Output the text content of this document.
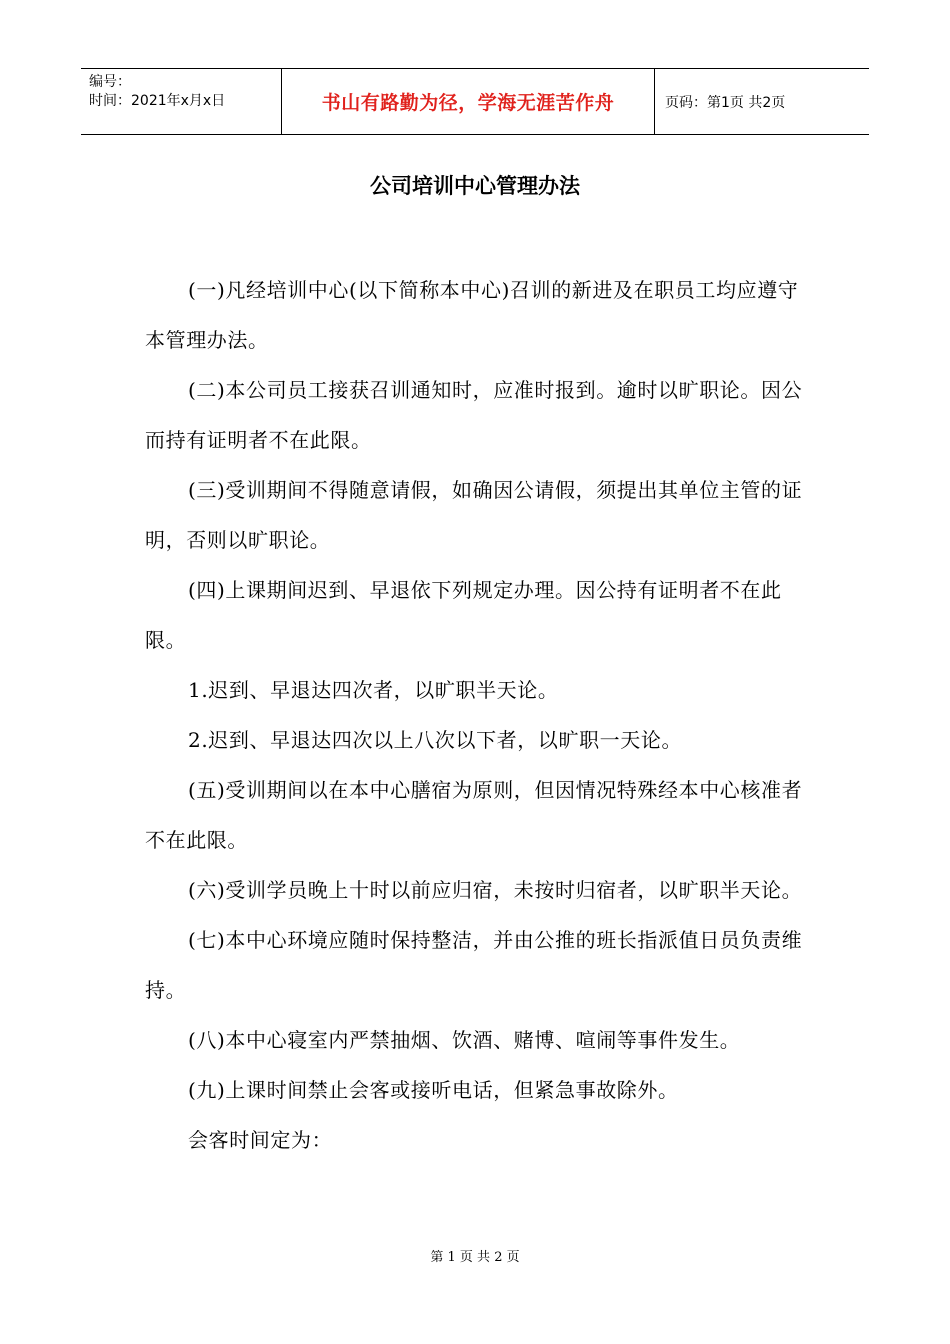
编号：
时间：2021年x月x日	书山有路勤为径，学海无涯苦作舟	页码：第1页 共2页
公司培训中心管理办法

(一)凡经培训中心(以下简称本中心)召训的新进及在职员工均应遵守本管理办法。

(二)本公司员工接获召训通知时，应准时报到。逾时以旷职论。因公而持有证明者不在此限。

(三)受训期间不得随意请假，如确因公请假，须提出其单位主管的证明，否则以旷职论。

(四)上课期间迟到、早退依下列规定办理。因公持有证明者不在此限。

1.迟到、早退达四次者，以旷职半天论。

2.迟到、早退达四次以上八次以下者，以旷职一天论。

(五)受训期间以在本中心膳宿为原则，但因情况特殊经本中心核准者不在此限。

(六)受训学员晚上十时以前应归宿，未按时归宿者，以旷职半天论。

(七)本中心环境应随时保持整洁，并由公推的班长指派值日员负责维持。

(八)本中心寝室内严禁抽烟、饮酒、赌博、喧闹等事件发生。

(九)上课时间禁止会客或接听电话，但紧急事故除外。

会客时间定为：

第 1 页 共 2 页
